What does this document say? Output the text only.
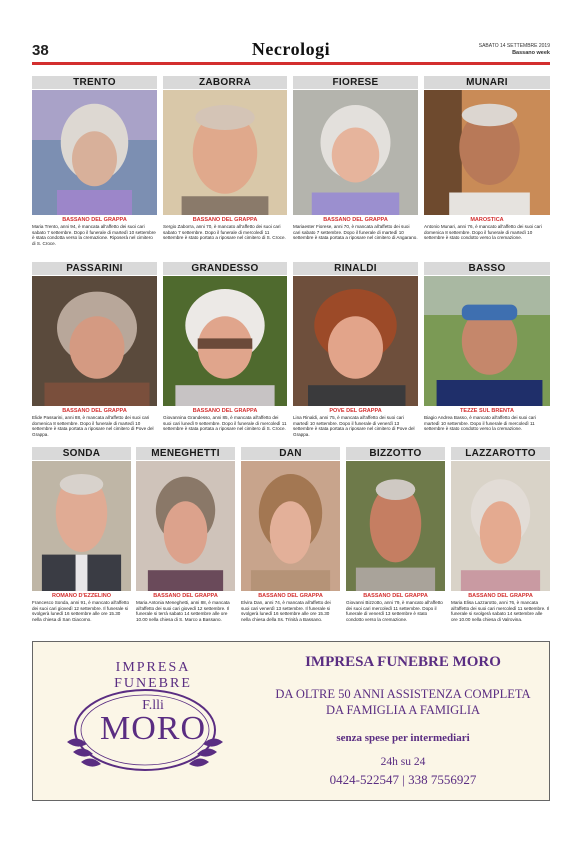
38	Necrologi	SABATO 14 SETTEMBRE 2019
Bassano week
TRENTO
BASSANO DEL GRAPPA
Maria Trento, anni 94, è mancata all'affetto dei suoi cari sabato 7 settembre. Dopo il funerale di martedì 10 settembre è stata condotta verso la cremazione. Riposerà nel cimitero di S. Croce.
ZABORRA
BASSANO DEL GRAPPA
Sergio Zaborra, anni 70, è mancato all'affetto dei suoi cari sabato 7 settembre. Dopo il funerale di mercoledì 11 settembre è stato portato a riposare nel cimitero di S. Croce.
FIORESE
BASSANO DEL GRAPPA
Mariaester Fiorese, anni 70, è mancata all'affetto dei suoi cari sabato 7 settembre. Dopo il funerale di martedì 10 settembre è stata portata a riposare nel cimitero di Angarano.
MUNARI
MAROSTICA
Antonio Munari, anni 76, è mancato all'affetto dei suoi cari domenica 8 settembre. Dopo il funerale di martedì 10 settembre è stato condotto verso la cremazione.
PASSARINI
BASSANO DEL GRAPPA
Elide Passarini, anni 88, è mancata all'affetto dei suoi cari domenica 8 settembre. Dopo il funerale di martedì 10 settembre è stata portata a riposare nel cimitero di Pove del Grappa.
GRANDESSO
BASSANO DEL GRAPPA
Giovannina Grandesso, anni 85, è mancata all'affetto dei suoi cari lunedì 9 settembre. Dopo il funerale di mercoledì 11 settembre è stata portata a riposare nel cimitero di S. Croce.
RINALDI
POVE DEL GRAPPA
Lina Rinaldi, anni 75, è mancata all'affetto dei suoi cari martedì 10 settembre. Dopo il funerale di venerdì 13 settembre è stata portata a riposare nel cimitero di Pove del Grappa.
BASSO
TEZZE SUL BRENTA
Biagio Andrea Basso, è mancato all'affetto dei suoi cari martedì 10 settembre. Dopo il funerale di mercoledì 11 settembre è stato condotto verso la cremazione.
SONDA
ROMANO D'EZZELINO
Francesco Sonda, anni 91, è mancato all'affetto dei suoi cari giovedì 12 settembre. Il funerale si svolgerà lunedì 16 settembre alle ore 15.30 nella chiesa di San Giacomo.
MENEGHETTI
BASSANO DEL GRAPPA
Maria Antonia Meneghetti, anni 88, è mancata all'affetto dei suoi cari giovedì 12 settembre. Il funerale si terrà sabato 14 settembre alle ore 10.00 nella chiesa di S. Marco a Bassano.
DAN
BASSANO DEL GRAPPA
Elvira Dan, anni 74, è mancata all'affetto dei suoi cari venerdì 13 settembre. Il funerale si svolgerà lunedì 16 settembre alle ore 15.30 nella chiesa della Ss. Trinità a Bassano.
BIZZOTTO
BASSANO DEL GRAPPA
Giovanni Bizzotto, anni 79, è mancato all'affetto dei suoi cari mercoledì 11 settembre. Dopo il funerale di venerdì 13 settembre è stato condotto verso la cremazione.
LAZZAROTTO
BASSANO DEL GRAPPA
Maria Elisa Lazzarotto, anni 76, è mancata all'affetto dei suoi cari mercoledì 11 settembre. Il funerale si svolgerà sabato 14 settembre alle ore 10.00 nella chiesa di Valrovina.
IMPRESA FUNEBRE
F.lli
MORO
IMPRESA FUNEBRE MORO
DA OLTRE 50 ANNI ASSISTENZA COMPLETA
DA FAMIGLIA A FAMIGLIA
senza spese per intermediari
24h su 24
0424-522547 | 338 7556927
